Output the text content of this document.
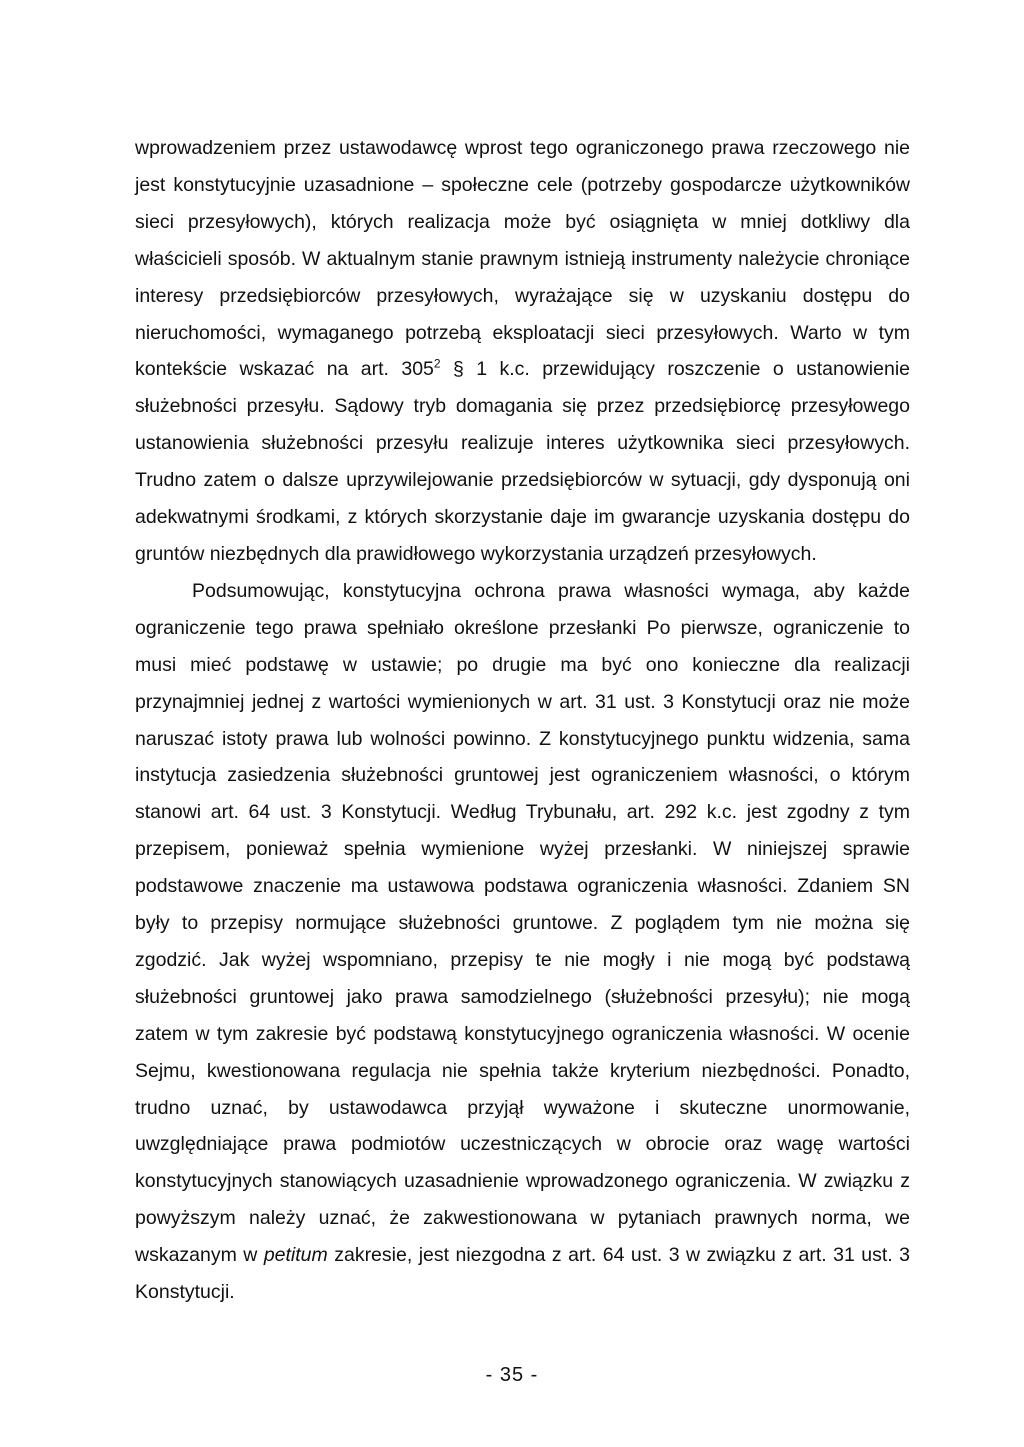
wprowadzeniem przez ustawodawcę wprost tego ograniczonego prawa rzeczowego nie jest konstytucyjnie uzasadnione – społeczne cele (potrzeby gospodarcze użytkowników sieci przesyłowych), których realizacja może być osiągnięta w mniej dotkliwy dla właścicieli sposób. W aktualnym stanie prawnym istnieją instrumenty należycie chroniące interesy przedsiębiorców przesyłowych, wyrażające się w uzyskaniu dostępu do nieruchomości, wymaganego potrzebą eksploatacji sieci przesyłowych. Warto w tym kontekście wskazać na art. $305^2$ § 1 k.c. przewidujący roszczenie o ustanowienie służebności przesyłu. Sądowy tryb domagania się przez przedsiębiorcę przesyłowego ustanowienia służebności przesyłu realizuje interes użytkownika sieci przesyłowych. Trudno zatem o dalsze uprzywilejowanie przedsiębiorców w sytuacji, gdy dysponują oni adekwatnymi środkami, z których skorzystanie daje im gwarancje uzyskania dostępu do gruntów niezbędnych dla prawidłowego wykorzystania urządzeń przesyłowych.

Podsumowując, konstytucyjna ochrona prawa własności wymaga, aby każde ograniczenie tego prawa spełniało określone przesłanki Po pierwsze, ograniczenie to musi mieć podstawę w ustawie; po drugie ma być ono konieczne dla realizacji przynajmniej jednej z wartości wymienionych w art. 31 ust. 3 Konstytucji oraz nie może naruszać istoty prawa lub wolności powinno. Z konstytucyjnego punktu widzenia, sama instytucja zasiedzenia służebności gruntowej jest ograniczeniem własności, o którym stanowi art. 64 ust. 3 Konstytucji. Według Trybunału, art. 292 k.c. jest zgodny z tym przepisem, ponieważ spełnia wymienione wyżej przesłanki. W niniejszej sprawie podstawowe znaczenie ma ustawowa podstawa ograniczenia własności. Zdaniem SN były to przepisy normujące służebności gruntowe. Z poglądem tym nie można się zgodzić. Jak wyżej wspomniano, przepisy te nie mogły i nie mogą być podstawą służebności gruntowej jako prawa samodzielnego (służebności przesyłu); nie mogą zatem w tym zakresie być podstawą konstytucyjnego ograniczenia własności. W ocenie Sejmu, kwestionowana regulacja nie spełnia także kryterium niezbędności. Ponadto, trudno uznać, by ustawodawca przyjął wyważone i skuteczne unormowanie, uwzględniające prawa podmiotów uczestniczących w obrocie oraz wagę wartości konstytucyjnych stanowiących uzasadnienie wprowadzonego ograniczenia. W związku z powyższym należy uznać, że zakwestionowana w pytaniach prawnych norma, we wskazanym w petitum zakresie, jest niezgodna z art. 64 ust. 3 w związku z art. 31 ust. 3 Konstytucji.

- 35 -
